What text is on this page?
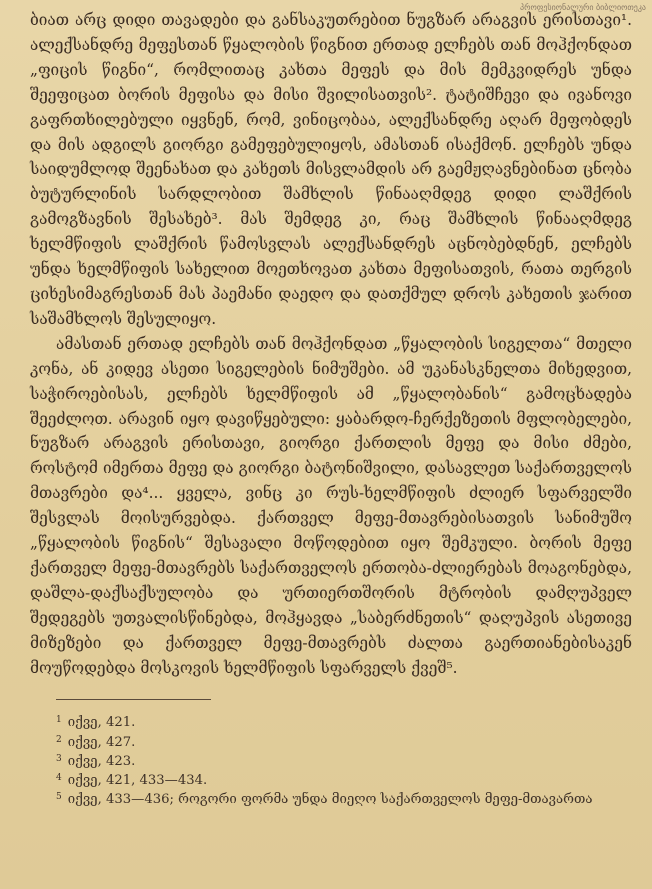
პროფესიონალური ბიბლიოთეკა

ბიათ არც დიდი თავადები და განსაკუთრებით ნუგზარ არაგვის ერისთავი¹. ალექსანდრე მეფესთან წყალობის წიგნით ერთად ელჩებს თან მოჰქონდათ „ფიცის წიგნი“, რომლითაც კახთა მეფეს და მის მემკვიდრეს უნდა შეეფიცათ ბორის მეფისა და მისი შვილისათვის². ტატიშჩევი და ივანოვი გაფრთხილებული იყვნენ, რომ, ვინიცობაა, ალექსანდრე აღარ მეფობდეს და მის ადგილს გიორგი გამეფებულიყოს, ამასთან ისაქმონ. ელჩებს უნდა საიდუმლოდ შეენახათ და კახეთს მისვლამდის არ გაემჟღავნებინათ ცნობა ბუტურლინის სარდლობით შამხლის წინააღმდეგ დიდი ლაშქრის გამოგზავნის შესახებ³. მას შემდეგ კი, რაც შამხლის წინააღმდეგ ხელმწიფის ლაშქრის წამოსვლას ალექსანდრეს აცნობებდნენ, ელჩებს უნდა ხელმწიფის სახელით მოეთხოვათ კახთა მეფისათვის, რათა თერგის ციხესიმაგრესთან მას პაემანი დაედო და დათქმულ დროს კახეთის ჯარით საშამხლოს შესულიყო.

ამასთან ერთად ელჩებს თან მოჰქონდათ „წყალობის სიგელთა“ მთელი კონა, ან კიდევ ასეთი სიგელების ნიმუშები. ამ უკანასკნელთა მიხედვით, საჭიროებისას, ელჩებს ხელმწიფის ამ „წყალობანის“ გამოცხადება შეეძლოთ. არავინ იყო დავიწყებული: ყაბარდო-ჩერქეზეთის მფლობელები, ნუგზარ არაგვის ერისთავი, გიორგი ქართლის მეფე და მისი ძმები, როსტომ იმერთა მეფე და გიორგი ბატონიშვილი, დასავლეთ საქართველოს მთავრები და⁴... ყველა, ვინც კი რუს-ხელმწიფის ძლიერ სფარველში შესვლას მოისურვებდა. ქართველ მეფე-მთავრებისათვის სანიმუშო „წყალობის წიგნის“ შესავალი მოწოდებით იყო შემკული. ბორის მეფე ქართველ მეფე-მთავრებს საქართველოს ერთობა-ძლიერებას მოაგონებდა, დაშლა-დაქსაქსულობა და ურთიერთშორის მტრობის დამღუპველ შედეგებს უთვალისწინებდა, მოჰყავდა „საბერძნეთის“ დაღუპვის ასეთივე მიზეზები და ქართველ მეფე-მთავრებს ძალთა გაერთიანებისაკენ მოუწოდებდა მოსკოვის ხელმწიფის სფარველს ქვეშ⁵.

$^1$ იქვე, 421.
$^2$ იქვე, 427.
$^3$ იქვე, 423.
$^4$ იქვე, 421, 433—434.
$^5$ იქვე, 433—436; როგორი ფორმა უნდა მიეღო საქართველოს მეფე-მთავართა
